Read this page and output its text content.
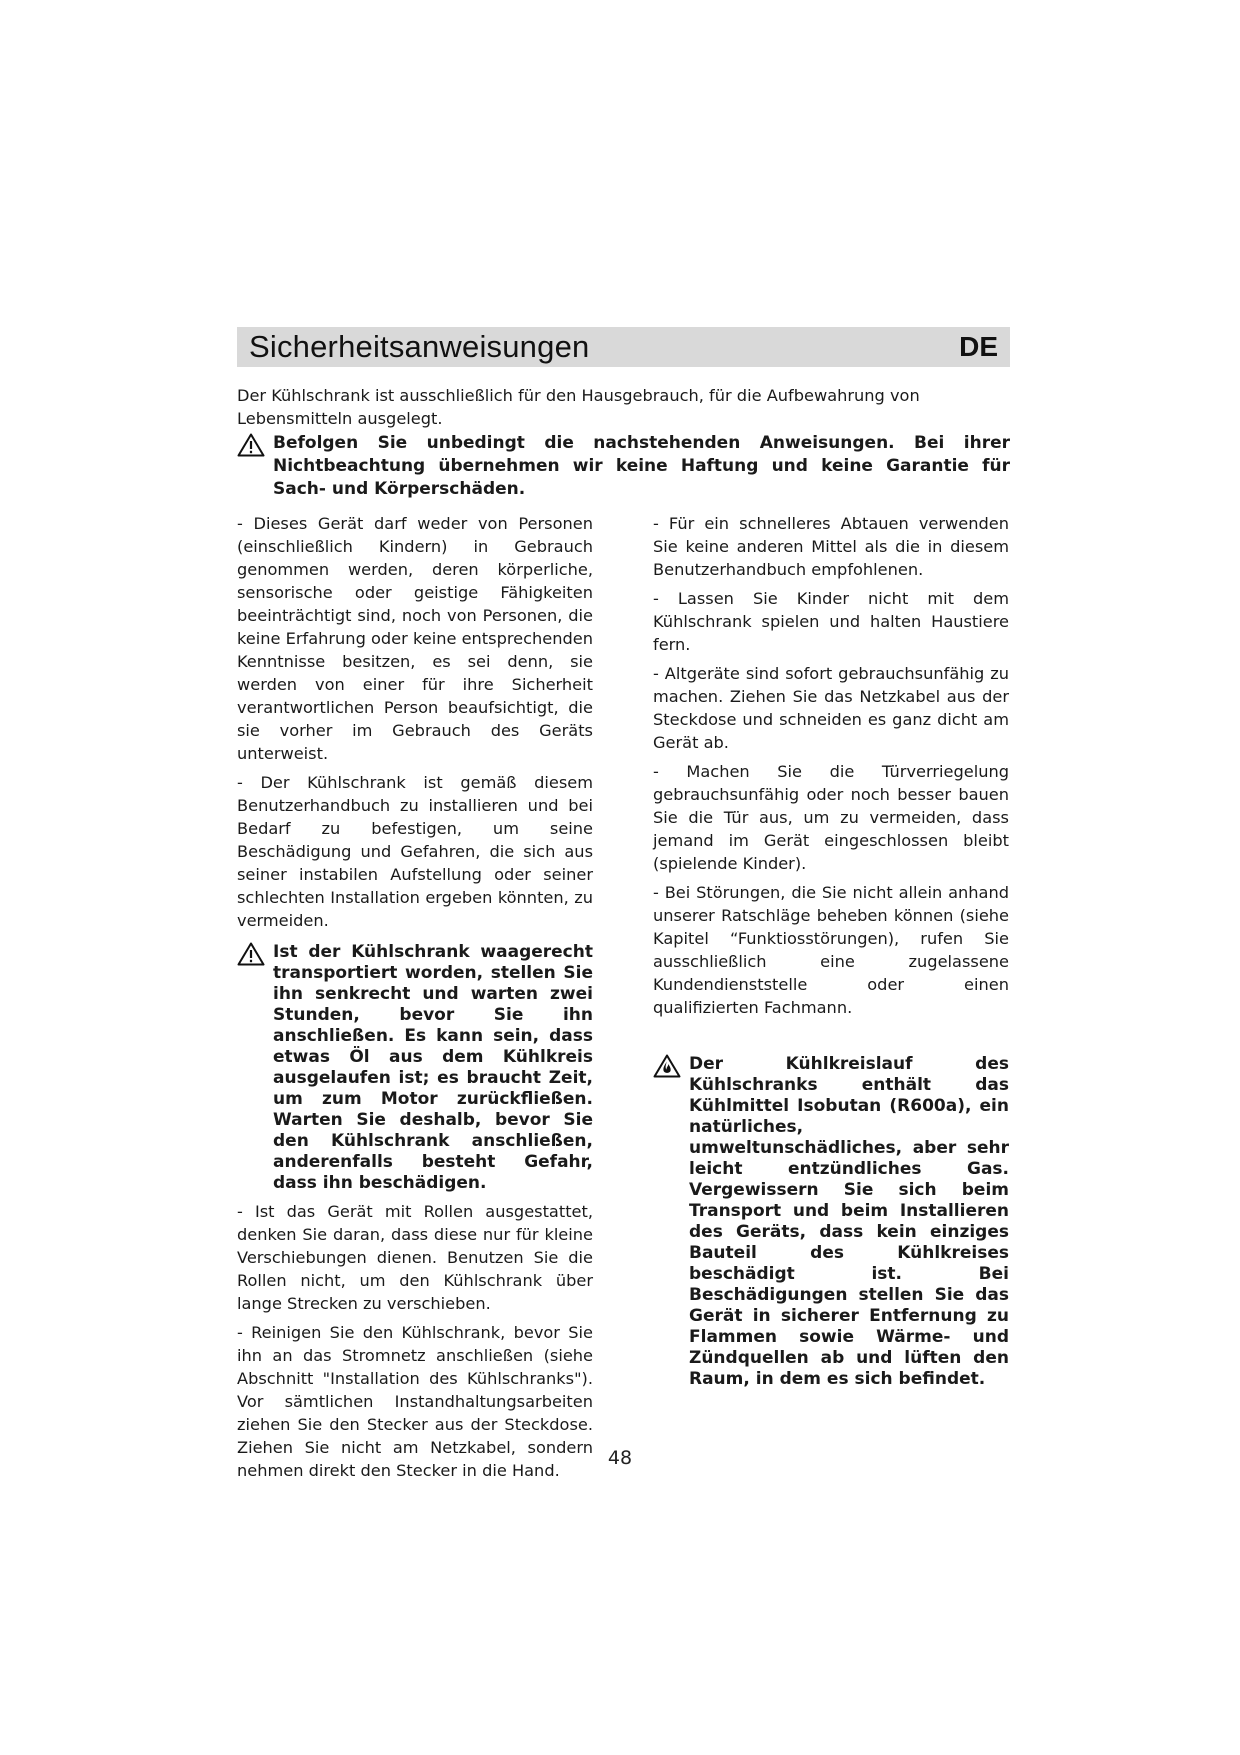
Sicherheitsanweisungen	DE
Der Kühlschrank ist ausschließlich für den Hausgebrauch, für die Aufbewahrung von Lebensmitteln ausgelegt.
Befolgen Sie unbedingt die nachstehenden Anweisungen. Bei ihrer Nichtbeachtung übernehmen wir keine Haftung und keine Garantie für Sach- und Körperschäden.

- Dieses Gerät darf weder von Personen (einschließlich Kindern) in Gebrauch genommen werden, deren körperliche, sensorische oder geistige Fähigkeiten beeinträchtigt sind, noch von Personen, die keine Erfahrung oder keine entsprechenden Kenntnisse besitzen, es sei denn, sie werden von einer für ihre Sicherheit verantwortlichen Person beaufsichtigt, die sie vorher im Gebrauch des Geräts unterweist.

- Der Kühlschrank ist gemäß diesem Benutzerhandbuch zu installieren und bei Bedarf zu befestigen, um seine Beschädigung und Gefahren, die sich aus seiner instabilen Aufstellung oder seiner schlechten Installation ergeben könnten, zu vermeiden.

Ist der Kühlschrank waagerecht transportiert worden, stellen Sie ihn senkrecht und warten zwei Stunden, bevor Sie ihn anschließen. Es kann sein, dass etwas Öl aus dem Kühlkreis ausgelaufen ist; es braucht Zeit, um zum Motor zurückfließen. Warten Sie deshalb, bevor Sie den Kühlschrank anschließen, anderenfalls besteht Gefahr, dass ihn beschädigen.

- Ist das Gerät mit Rollen ausgestattet, denken Sie daran, dass diese nur für kleine Verschiebungen dienen. Benutzen Sie die Rollen nicht, um den Kühlschrank über lange Strecken zu verschieben.

- Reinigen Sie den Kühlschrank, bevor Sie ihn an das Stromnetz anschließen (siehe Abschnitt "Installation des Kühlschranks"). Vor sämtlichen Instandhaltungsarbeiten ziehen Sie den Stecker aus der Steckdose. Ziehen Sie nicht am Netzkabel, sondern nehmen direkt den Stecker in die Hand.

- Für ein schnelleres Abtauen verwenden Sie keine anderen Mittel als die in diesem Benutzerhandbuch empfohlenen.

- Lassen Sie Kinder nicht mit dem Kühlschrank spielen und halten Haustiere fern.

- Altgeräte sind sofort gebrauchsunfähig zu machen. Ziehen Sie das Netzkabel aus der Steckdose und schneiden es ganz dicht am Gerät ab.

- Machen Sie die Türverriegelung gebrauchsunfähig oder noch besser bauen Sie die Tür aus, um zu vermeiden, dass jemand im Gerät eingeschlossen bleibt (spielende Kinder).

- Bei Störungen, die Sie nicht allein anhand unserer Ratschläge beheben können (siehe Kapitel “Funktiosstörungen), rufen Sie ausschließlich eine zugelassene Kundendienststelle oder einen qualifizierten Fachmann.

Der Kühlkreislauf des Kühlschranks enthält das Kühlmittel Isobutan (R600a), ein natürliches, umweltunschädliches, aber sehr leicht entzündliches Gas. Vergewissern Sie sich beim Transport und beim Installieren des Geräts, dass kein einziges Bauteil des Kühlkreises beschädigt ist. Bei Beschädigungen stellen Sie das Gerät in sicherer Entfernung zu Flammen sowie Wärme- und Zündquellen ab und lüften den Raum, in dem es sich befindet.
48
